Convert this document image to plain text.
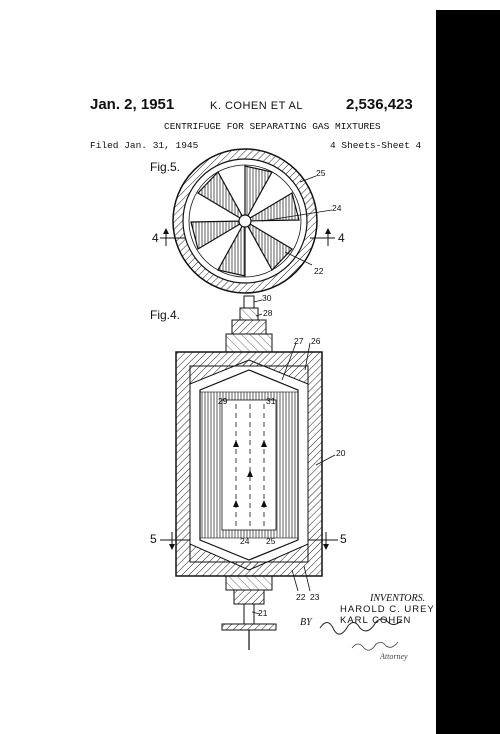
Jan. 2, 1951	K. COHEN ET AL	2,536,423
CENTRIFUGE FOR SEPARATING GAS MIXTURES
Filed Jan. 31, 1945	4 Sheets-Sheet 4
Fig.5.
Fig.4.
25
24
22
4	4
30
28
27 26
29	31
20
24 25
22 23
21
5	5
INVENTORS.
HAROLD C. UREY
KARL COHEN
BY
Attorney
